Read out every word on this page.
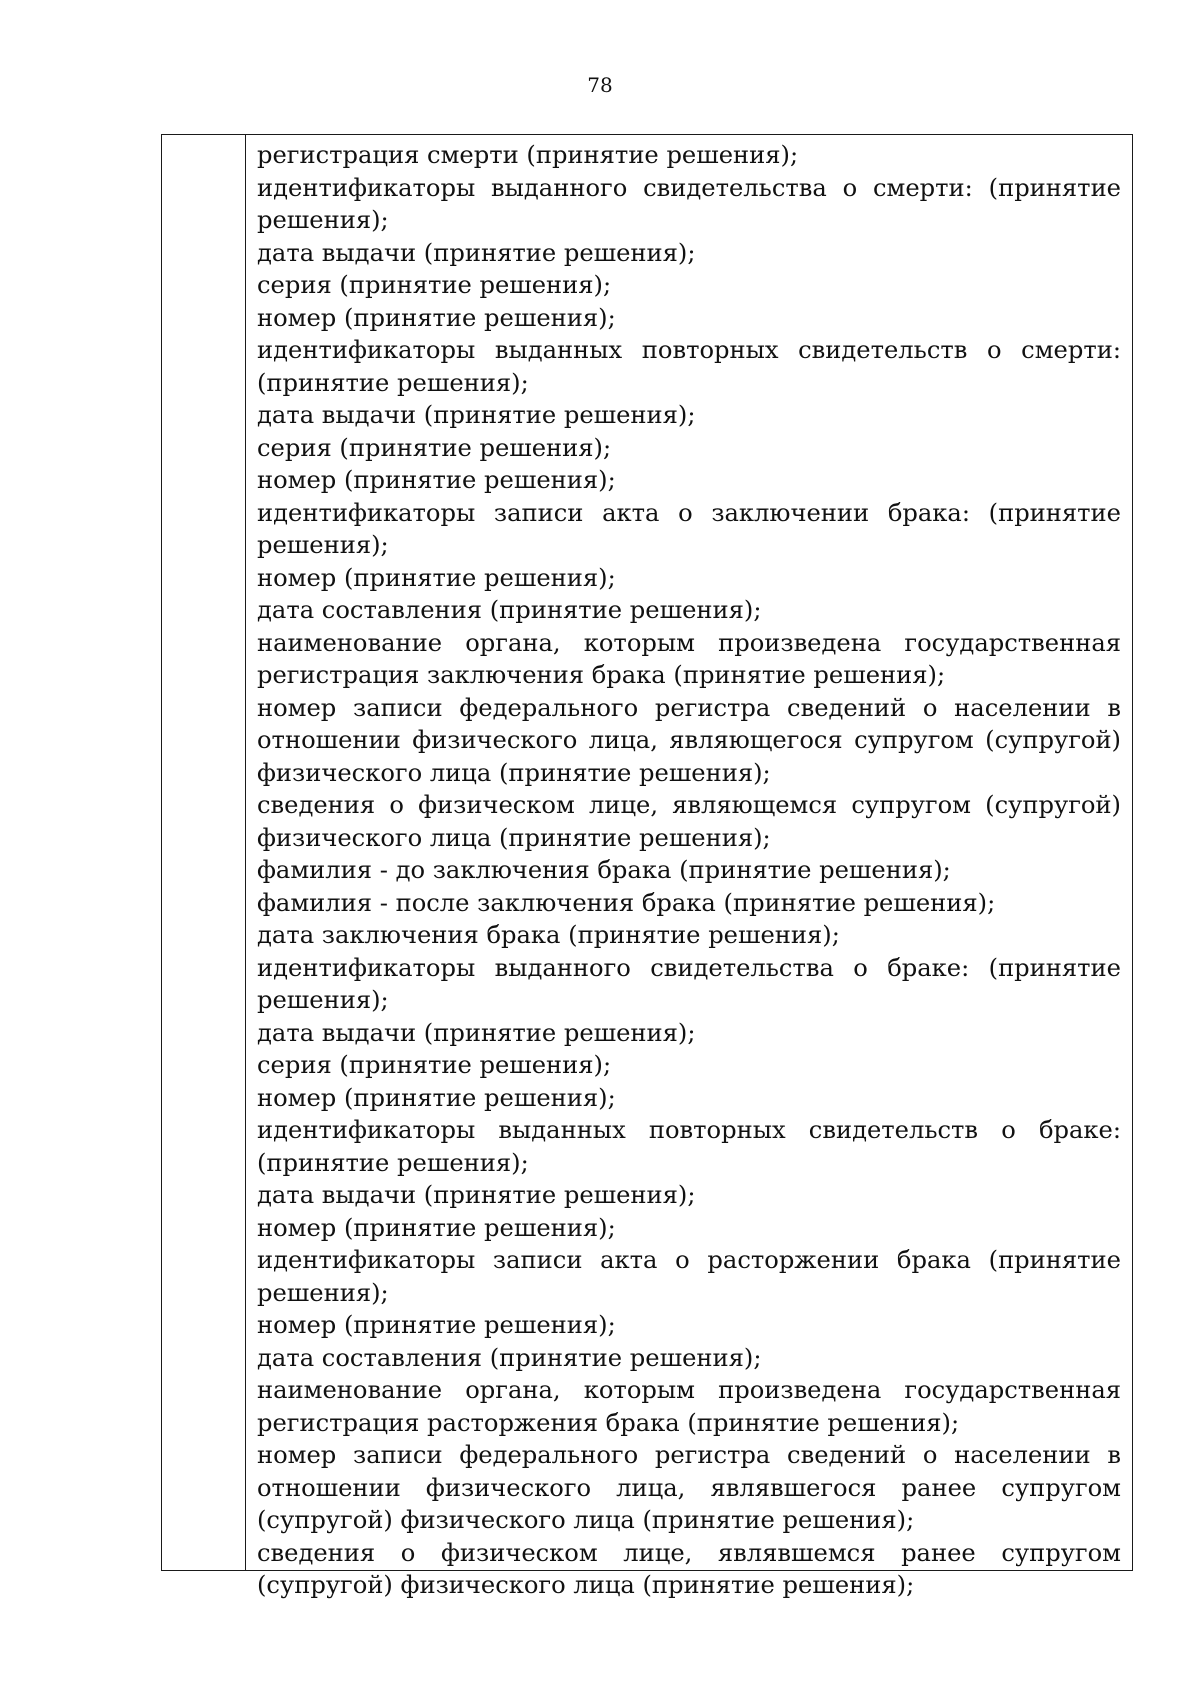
78

регистрация смерти (принятие решения);

идентификаторы выданного свидетельства о смерти: (принятие решения);

дата выдачи (принятие решения);

серия (принятие решения);

номер (принятие решения);

идентификаторы выданных повторных свидетельств о смерти: (принятие решения);

дата выдачи (принятие решения);

серия (принятие решения);

номер (принятие решения);

идентификаторы записи акта о заключении брака: (принятие решения);

номер (принятие решения);

дата составления (принятие решения);

наименование органа, которым произведена государственная регистрация заключения брака (принятие решения);

номер записи федерального регистра сведений о населении в отношении физического лица, являющегося супругом (супругой) физического лица (принятие решения);

сведения о физическом лице, являющемся супругом (супругой) физического лица (принятие решения);

фамилия - до заключения брака (принятие решения);

фамилия - после заключения брака (принятие решения);

дата заключения брака (принятие решения);

идентификаторы выданного свидетельства о браке: (принятие решения);

дата выдачи (принятие решения);

серия (принятие решения);

номер (принятие решения);

идентификаторы выданных повторных свидетельств о браке: (принятие решения);

дата выдачи (принятие решения);

номер (принятие решения);

идентификаторы записи акта о расторжении брака (принятие решения);

номер (принятие решения);

дата составления (принятие решения);

наименование органа, которым произведена государственная регистрация расторжения брака (принятие решения);

номер записи федерального регистра сведений о населении в отношении физического лица, являвшегося ранее супругом (супругой) физического лица (принятие решения);

сведения о физическом лице, являвшемся ранее супругом (супругой) физического лица (принятие решения);
